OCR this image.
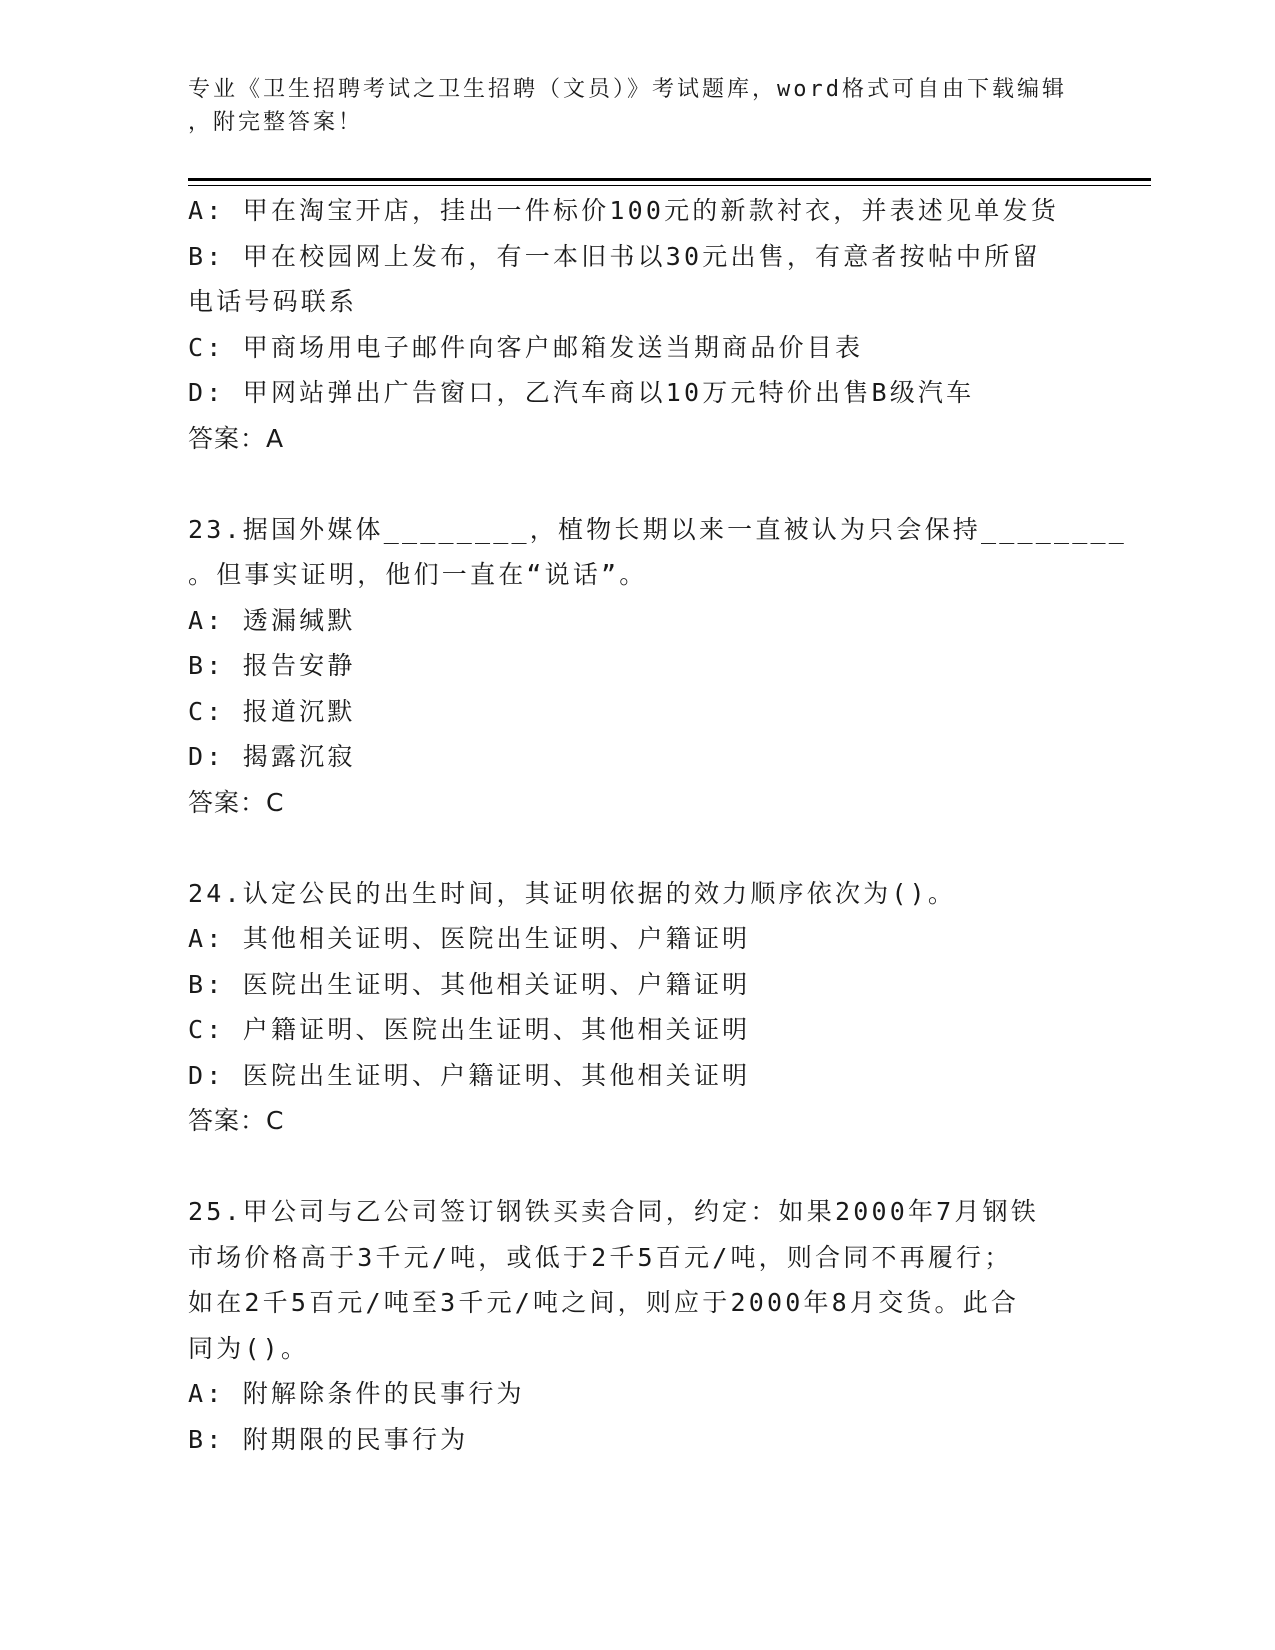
专业《卫生招聘考试之卫生招聘（文员）》考试题库，word格式可自由下载编辑
，附完整答案！
A: 甲在淘宝开店，挂出一件标价100元的新款衬衣，并表述见单发货
B: 甲在校园网上发布，有一本旧书以30元出售，有意者按帖中所留
电话号码联系
C: 甲商场用电子邮件向客户邮箱发送当期商品价目表
D: 甲网站弹出广告窗口，乙汽车商以10万元特价出售B级汽车
答案：A
23.据国外媒体________，植物长期以来一直被认为只会保持________
。但事实证明，他们一直在“说话”。
A: 透漏缄默
B: 报告安静
C: 报道沉默
D: 揭露沉寂
答案：C
24.认定公民的出生时间，其证明依据的效力顺序依次为()。
A: 其他相关证明、医院出生证明、户籍证明
B: 医院出生证明、其他相关证明、户籍证明
C: 户籍证明、医院出生证明、其他相关证明
D: 医院出生证明、户籍证明、其他相关证明
答案：C
25.甲公司与乙公司签订钢铁买卖合同，约定：如果2000年7月钢铁
市场价格高于3千元/吨，或低于2千5百元/吨，则合同不再履行；
如在2千5百元/吨至3千元/吨之间，则应于2000年8月交货。此合
同为()。
A: 附解除条件的民事行为
B: 附期限的民事行为
